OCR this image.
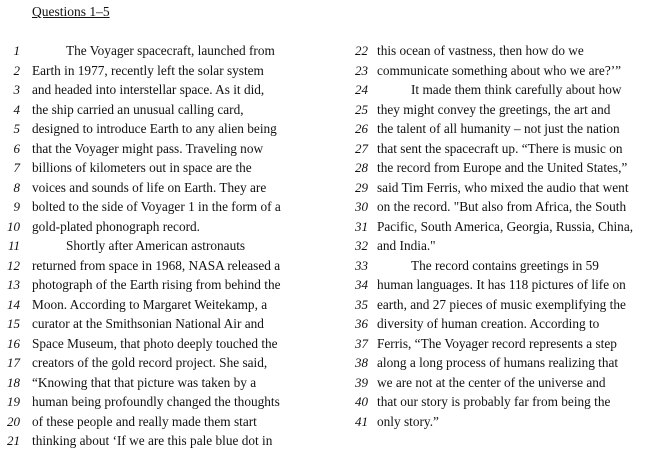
Questions 1–5
1	The Voyager spacecraft, launched from
2 Earth in 1977, recently left the solar system
3 and headed into interstellar space. As it did,
4 the ship carried an unusual calling card,
5 designed to introduce Earth to any alien being
6 that the Voyager might pass. Traveling now
7 billions of kilometers out in space are the
8 voices and sounds of life on Earth. They are
9 bolted to the side of Voyager 1 in the form of a
10 gold-plated phonograph record.
11	Shortly after American astronauts
12 returned from space in 1968, NASA released a
13 photograph of the Earth rising from behind the
14 Moon. According to Margaret Weitekamp, a
15 curator at the Smithsonian National Air and
16 Space Museum, that photo deeply touched the
17 creators of the gold record project. She said,
18 “Knowing that that picture was taken by a
19 human being profoundly changed the thoughts
20 of these people and really made them start
21 thinking about ‘If we are this pale blue dot in
22 this ocean of vastness, then how do we
23 communicate something about who we are?’”
24	It made them think carefully about how
25 they might convey the greetings, the art and
26 the talent of all humanity – not just the nation
27 that sent the spacecraft up. “There is music on
28 the record from Europe and the United States,”
29 said Tim Ferris, who mixed the audio that went
30 on the record. "But also from Africa, the South
31 Pacific, South America, Georgia, Russia, China,
32 and India."
33	The record contains greetings in 59
34 human languages. It has 118 pictures of life on
35 earth, and 27 pieces of music exemplifying the
36 diversity of human creation. According to
37 Ferris, “The Voyager record represents a step
38 along a long process of humans realizing that
39 we are not at the center of the universe and
40 that our story is probably far from being the
41 only story.”
